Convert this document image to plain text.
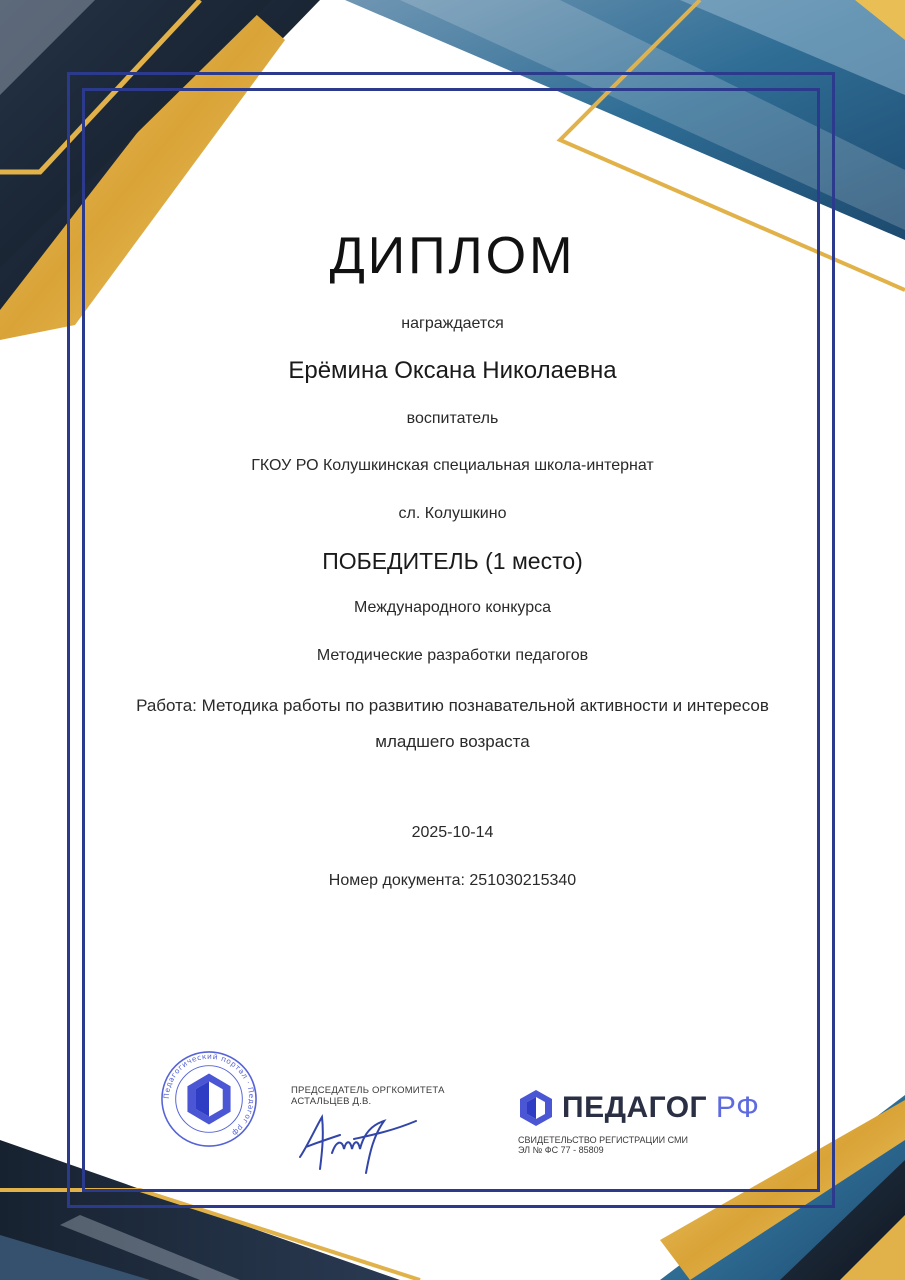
ДИПЛОМ
награждается
Ерёмина Оксана Николаевна
воспитатель
ГКОУ РО Колушкинская специальная школа-интернат
сл. Колушкино
ПОБЕДИТЕЛЬ (1 место)
Международного конкурса
Методические разработки педагогов
Работа: Методика работы по развитию познавательной активности и интересов
младшего возраста
2025-10-14
Номер документа: 251030215340
Педагогический портал · Педагог рф
ПРЕДСЕДАТЕЛЬ ОРГКОМИТЕТА
АСТАЛЬЦЕВ Д.В.	ПЕДАГОГ РФ
СВИДЕТЕЛЬСТВО РЕГИСТРАЦИИ СМИ
ЭЛ № ФС 77 - 85809
